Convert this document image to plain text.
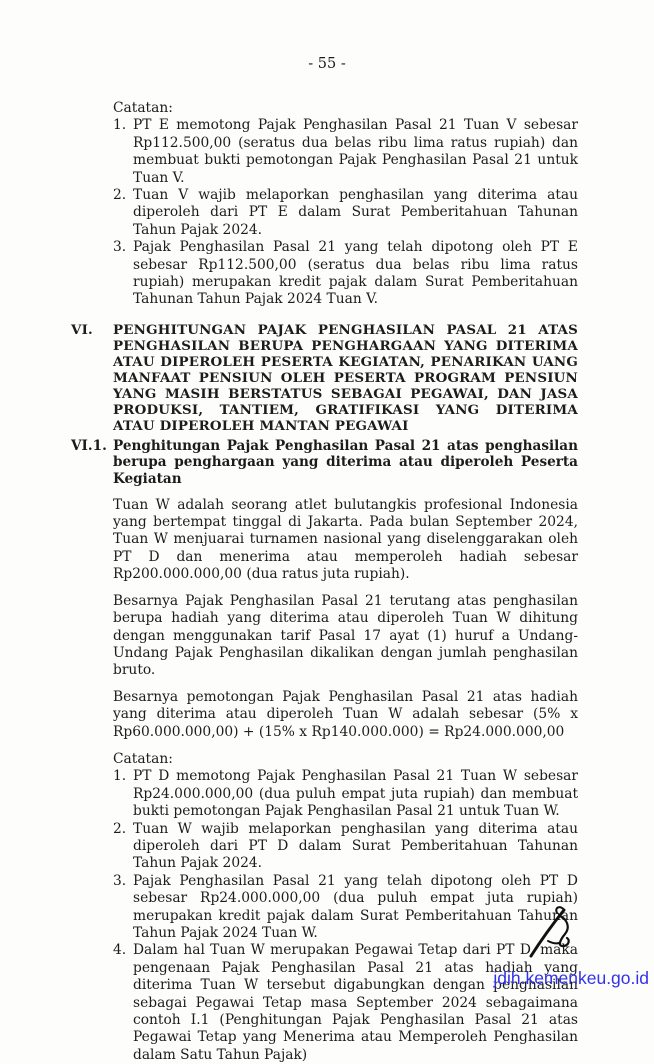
- 55 -
Catatan:
1. PT E memotong Pajak Penghasilan Pasal 21 Tuan V sebesar Rp112.500,00 (seratus dua belas ribu lima ratus rupiah) dan membuat bukti pemotongan Pajak Penghasilan Pasal 21 untuk Tuan V.
2. Tuan V wajib melaporkan penghasilan yang diterima atau diperoleh dari PT E dalam Surat Pemberitahuan Tahunan Tahun Pajak 2024.
3. Pajak Penghasilan Pasal 21 yang telah dipotong oleh PT E sebesar Rp112.500,00 (seratus dua belas ribu lima ratus rupiah) merupakan kredit pajak dalam Surat Pemberitahuan Tahunan Tahun Pajak 2024 Tuan V.
VI.	PENGHITUNGAN PAJAK PENGHASILAN PASAL 21 ATAS PENGHASILAN BERUPA PENGHARGAAN YANG DITERIMA ATAU DIPEROLEH PESERTA KEGIATAN, PENARIKAN UANG MANFAAT PENSIUN OLEH PESERTA PROGRAM PENSIUN YANG MASIH BERSTATUS SEBAGAI PEGAWAI, DAN JASA PRODUKSI, TANTIEM, GRATIFIKASI YANG DITERIMA ATAU DIPEROLEH MANTAN PEGAWAI
VI.1. Penghitungan Pajak Penghasilan Pasal 21 atas penghasilan berupa penghargaan yang diterima atau diperoleh Peserta Kegiatan
Tuan W adalah seorang atlet bulutangkis profesional Indonesia yang bertempat tinggal di Jakarta. Pada bulan September 2024, Tuan W menjuarai turnamen nasional yang diselenggarakan oleh PT D dan menerima atau memperoleh hadiah sebesar Rp200.000.000,00 (dua ratus juta rupiah).
Besarnya Pajak Penghasilan Pasal 21 terutang atas penghasilan berupa hadiah yang diterima atau diperoleh Tuan W dihitung dengan menggunakan tarif Pasal 17 ayat (1) huruf a Undang-Undang Pajak Penghasilan dikalikan dengan jumlah penghasilan bruto.
Besarnya pemotongan Pajak Penghasilan Pasal 21 atas hadiah yang diterima atau diperoleh Tuan W adalah sebesar (5% x Rp60.000.000,00) + (15% x Rp140.000.000) = Rp24.000.000,00
Catatan:
1. PT D memotong Pajak Penghasilan Pasal 21 Tuan W sebesar Rp24.000.000,00 (dua puluh empat juta rupiah) dan membuat bukti pemotongan Pajak Penghasilan Pasal 21 untuk Tuan W.
2. Tuan W wajib melaporkan penghasilan yang diterima atau diperoleh dari PT D dalam Surat Pemberitahuan Tahunan Tahun Pajak 2024.
3. Pajak Penghasilan Pasal 21 yang telah dipotong oleh PT D sebesar Rp24.000.000,00 (dua puluh empat juta rupiah) merupakan kredit pajak dalam Surat Pemberitahuan Tahunan Tahun Pajak 2024 Tuan W.
4. Dalam hal Tuan W merupakan Pegawai Tetap dari PT D, maka pengenaan Pajak Penghasilan Pasal 21 atas hadiah yang diterima Tuan W tersebut digabungkan dengan penghasilan sebagai Pegawai Tetap masa September 2024 sebagaimana contoh I.1 (Penghitungan Pajak Penghasilan Pasal 21 atas Pegawai Tetap yang Menerima atau Memperoleh Penghasilan dalam Satu Tahun Pajak)
jdih.kemenkeu.go.id
